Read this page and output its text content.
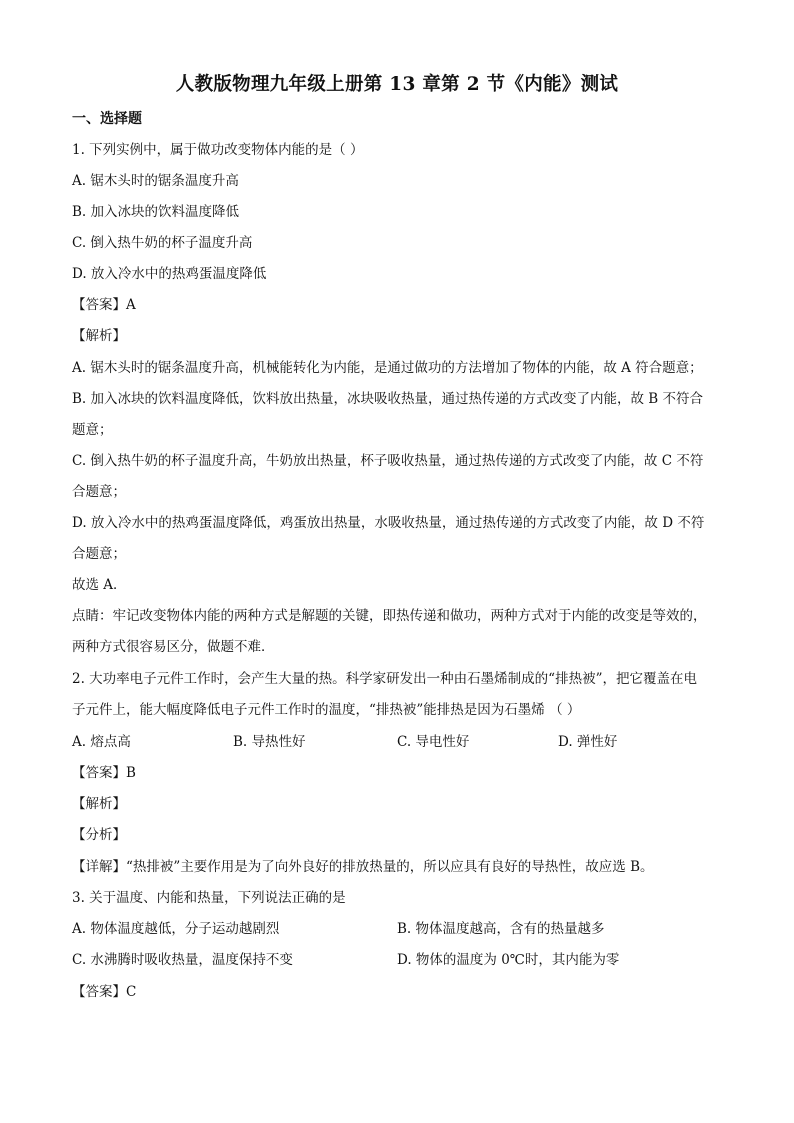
人教版物理九年级上册第 13 章第 2 节《内能》测试
一、选择题
1. 下列实例中，属于做功改变物体内能的是（ ）
A. 锯木头时的锯条温度升高
B. 加入冰块的饮料温度降低
C. 倒入热牛奶的杯子温度升高
D. 放入冷水中的热鸡蛋温度降低
【答案】A
【解析】
A. 锯木头时的锯条温度升高，机械能转化为内能，是通过做功的方法增加了物体的内能，故 A 符合题意；
B. 加入冰块的饮料温度降低，饮料放出热量，冰块吸收热量，通过热传递的方式改变了内能，故 B 不符合
题意；
C. 倒入热牛奶的杯子温度升高，牛奶放出热量，杯子吸收热量，通过热传递的方式改变了内能，故 C 不符
合题意；
D. 放入冷水中的热鸡蛋温度降低，鸡蛋放出热量，水吸收热量，通过热传递的方式改变了内能，故 D 不符
合题意；
故选 A．
点睛：牢记改变物体内能的两种方式是解题的关键，即热传递和做功，两种方式对于内能的改变是等效的，
两种方式很容易区分，做题不难．
2. 大功率电子元件工作时，会产生大量的热。科学家研发出一种由石墨烯制成的“排热被”，把它覆盖在电
子元件上，能大幅度降低电子元件工作时的温度，“排热被”能排热是因为石墨烯 （ ）
A. 熔点高	B. 导热性好	C. 导电性好	D. 弹性好
【答案】B
【解析】
【分析】
【详解】“热排被”主要作用是为了向外良好的排放热量的，所以应具有良好的导热性，故应选 B。
3. 关于温度、内能和热量，下列说法正确的是
A. 物体温度越低，分子运动越剧烈	B. 物体温度越高，含有的热量越多
C. 水沸腾时吸收热量，温度保持不变	D. 物体的温度为 0℃时，其内能为零
【答案】C
